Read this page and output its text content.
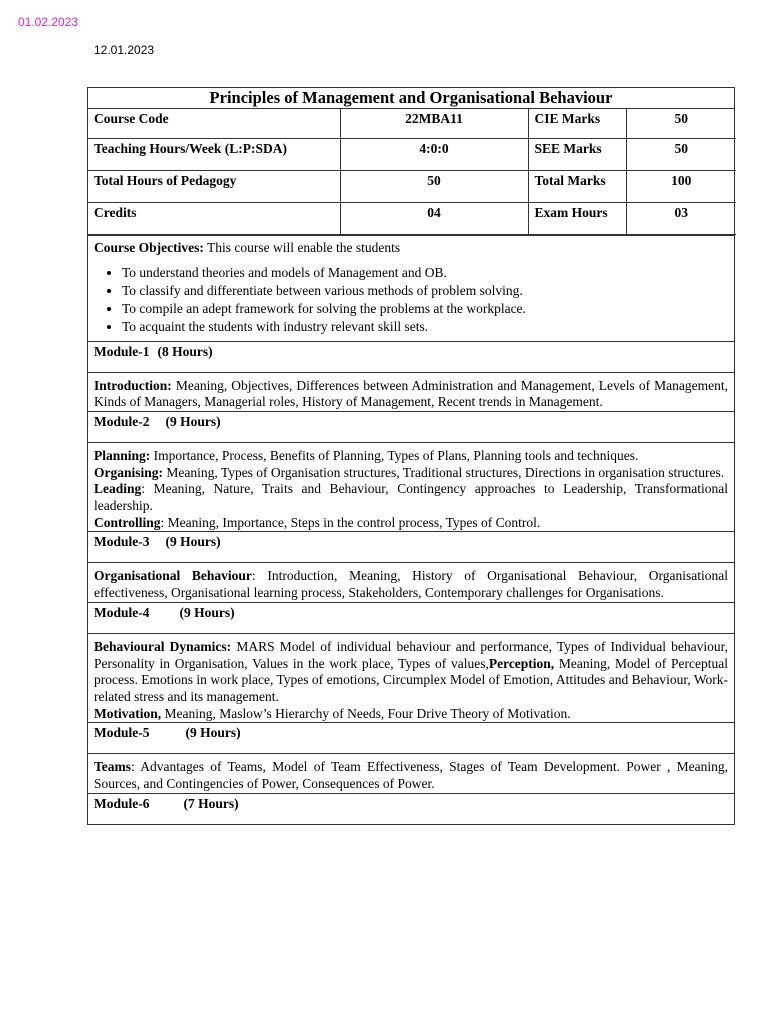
01.02.2023
12.01.2023
Principles of Management and Organisational Behaviour
Course Code	22MBA11	CIE Marks	50
Teaching Hours/Week (L:P:SDA)	4:0:0	SEE Marks	50
Total Hours of Pedagogy	50	Total Marks	100
Credits	04	Exam Hours	03
Course Objectives: This course will enable the students
• To understand theories and models of Management and OB.
• To classify and differentiate between various methods of problem solving.
• To compile an adept framework for solving the problems at the workplace.
• To acquaint the students with industry relevant skill sets.
Module-1 (8 Hours)

Introduction: Meaning, Objectives, Differences between Administration and Management, Levels of Management, Kinds of Managers, Managerial roles, History of Management, Recent trends in Management.

Module-2 (9 Hours)

Planning: Importance, Process, Benefits of Planning, Types of Plans, Planning tools and techniques.

Organising: Meaning, Types of Organisation structures, Traditional structures, Directions in organisation structures.

Leading: Meaning, Nature, Traits and Behaviour, Contingency approaches to Leadership, Transformational leadership.

Controlling: Meaning, Importance, Steps in the control process, Types of Control.

Module-3 (9 Hours)

Organisational Behaviour: Introduction, Meaning, History of Organisational Behaviour, Organisational effectiveness, Organisational learning process, Stakeholders, Contemporary challenges for Organisations.

Module-4 (9 Hours)

Behavioural Dynamics: MARS Model of individual behaviour and performance, Types of Individual behaviour, Personality in Organisation, Values in the work place, Types of values,Perception, Meaning, Model of Perceptual process. Emotions in work place, Types of emotions, Circumplex Model of Emotion, Attitudes and Behaviour, Work-related stress and its management.

Motivation, Meaning, Maslow’s Hierarchy of Needs, Four Drive Theory of Motivation.

Module-5	(9 Hours)

Teams: Advantages of Teams, Model of Team Effectiveness, Stages of Team Development. Power , Meaning, Sources, and Contingencies of Power, Consequences of Power.

Module-6	(7 Hours)
